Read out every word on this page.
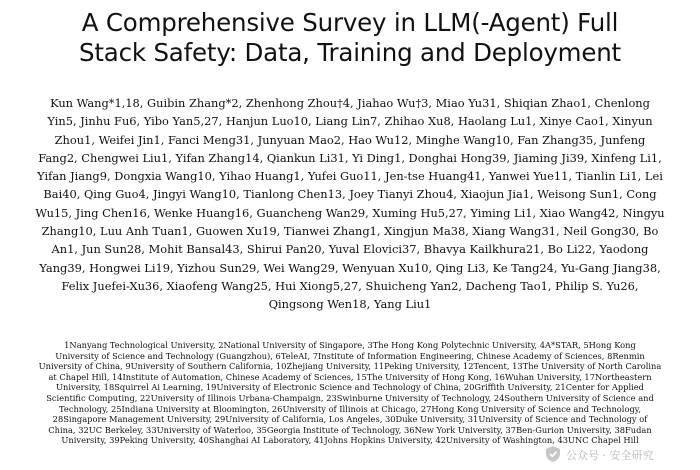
A Comprehensive Survey in LLM(-Agent) Full
Stack Safety: Data, Training and Deployment
Kun Wang*1,18, Guibin Zhang*2, Zhenhong Zhou†4, Jiahao Wu†3, Miao Yu31, Shiqian Zhao1, Chenlong
Yin5, Jinhu Fu6, Yibo Yan5,27, Hanjun Luo10, Liang Lin7, Zhihao Xu8, Haolang Lu1, Xinye Cao1, Xinyun
Zhou1, Weifei Jin1, Fanci Meng31, Junyuan Mao2, Hao Wu12, Minghe Wang10, Fan Zhang35, Junfeng
Fang2, Chengwei Liu1, Yifan Zhang14, Qiankun Li31, Yi Ding1, Donghai Hong39, Jiaming Ji39, Xinfeng Li1,
Yifan Jiang9, Dongxia Wang10, Yihao Huang1, Yufei Guo11, Jen-tse Huang41, Yanwei Yue11, Tianlin Li1, Lei
Bai40, Qing Guo4, Jingyi Wang10, Tianlong Chen13, Joey Tianyi Zhou4, Xiaojun Jia1, Weisong Sun1, Cong
Wu15, Jing Chen16, Wenke Huang16, Guancheng Wan29, Xuming Hu5,27, Yiming Li1, Xiao Wang42, Ningyu
Zhang10, Luu Anh Tuan1, Guowen Xu19, Tianwei Zhang1, Xingjun Ma38, Xiang Wang31, Neil Gong30, Bo
An1, Jun Sun28, Mohit Bansal43, Shirui Pan20, Yuval Elovici37, Bhavya Kailkhura21, Bo Li22, Yaodong
Yang39, Hongwei Li19, Yizhou Sun29, Wei Wang29, Wenyuan Xu10, Qing Li3, Ke Tang24, Yu-Gang Jiang38,
Felix Juefei-Xu36, Xiaofeng Wang25, Hui Xiong5,27, Shuicheng Yan2, Dacheng Tao1, Philip S. Yu26,
Qingsong Wen18, Yang Liu1
1Nanyang Technological University, 2National University of Singapore, 3The Hong Kong Polytechnic University, 4A*STAR, 5Hong Kong
University of Science and Technology (Guangzhou), 6TeleAI, 7Institute of Information Engineering, Chinese Academy of Sciences, 8Renmin
University of China, 9University of Southern California, 10Zhejiang University, 11Peking University, 12Tencent, 13The University of North Carolina
at Chapel Hill, 14Institute of Automation, Chinese Academy of Sciences, 15The University of Hong Kong, 16Wuhan University, 17Northeastern
University, 18Squirrel Ai Learning, 19University of Electronic Science and Technology of China, 20Griffith University, 21Center for Applied
Scientific Computing, 22University of Illinois Urbana-Champaign, 23Swinburne University of Technology, 24Southern University of Science and
Technology, 25Indiana University at Bloomington, 26University of Illinois at Chicago, 27Hong Kong University of Science and Technology,
28Singapore Management University, 29University of California, Los Angeles, 30Duke University, 31University of Science and Technology of
China, 32UC Berkeley, 33University of Waterloo, 35Georgia Institute of Technology, 36New York University, 37Ben-Gurion University, 38Fudan
University, 39Peking University, 40Shanghai AI Laboratory, 41Johns Hopkins University, 42University of Washington, 43UNC Chapel Hill
公众号 · 安全研究
